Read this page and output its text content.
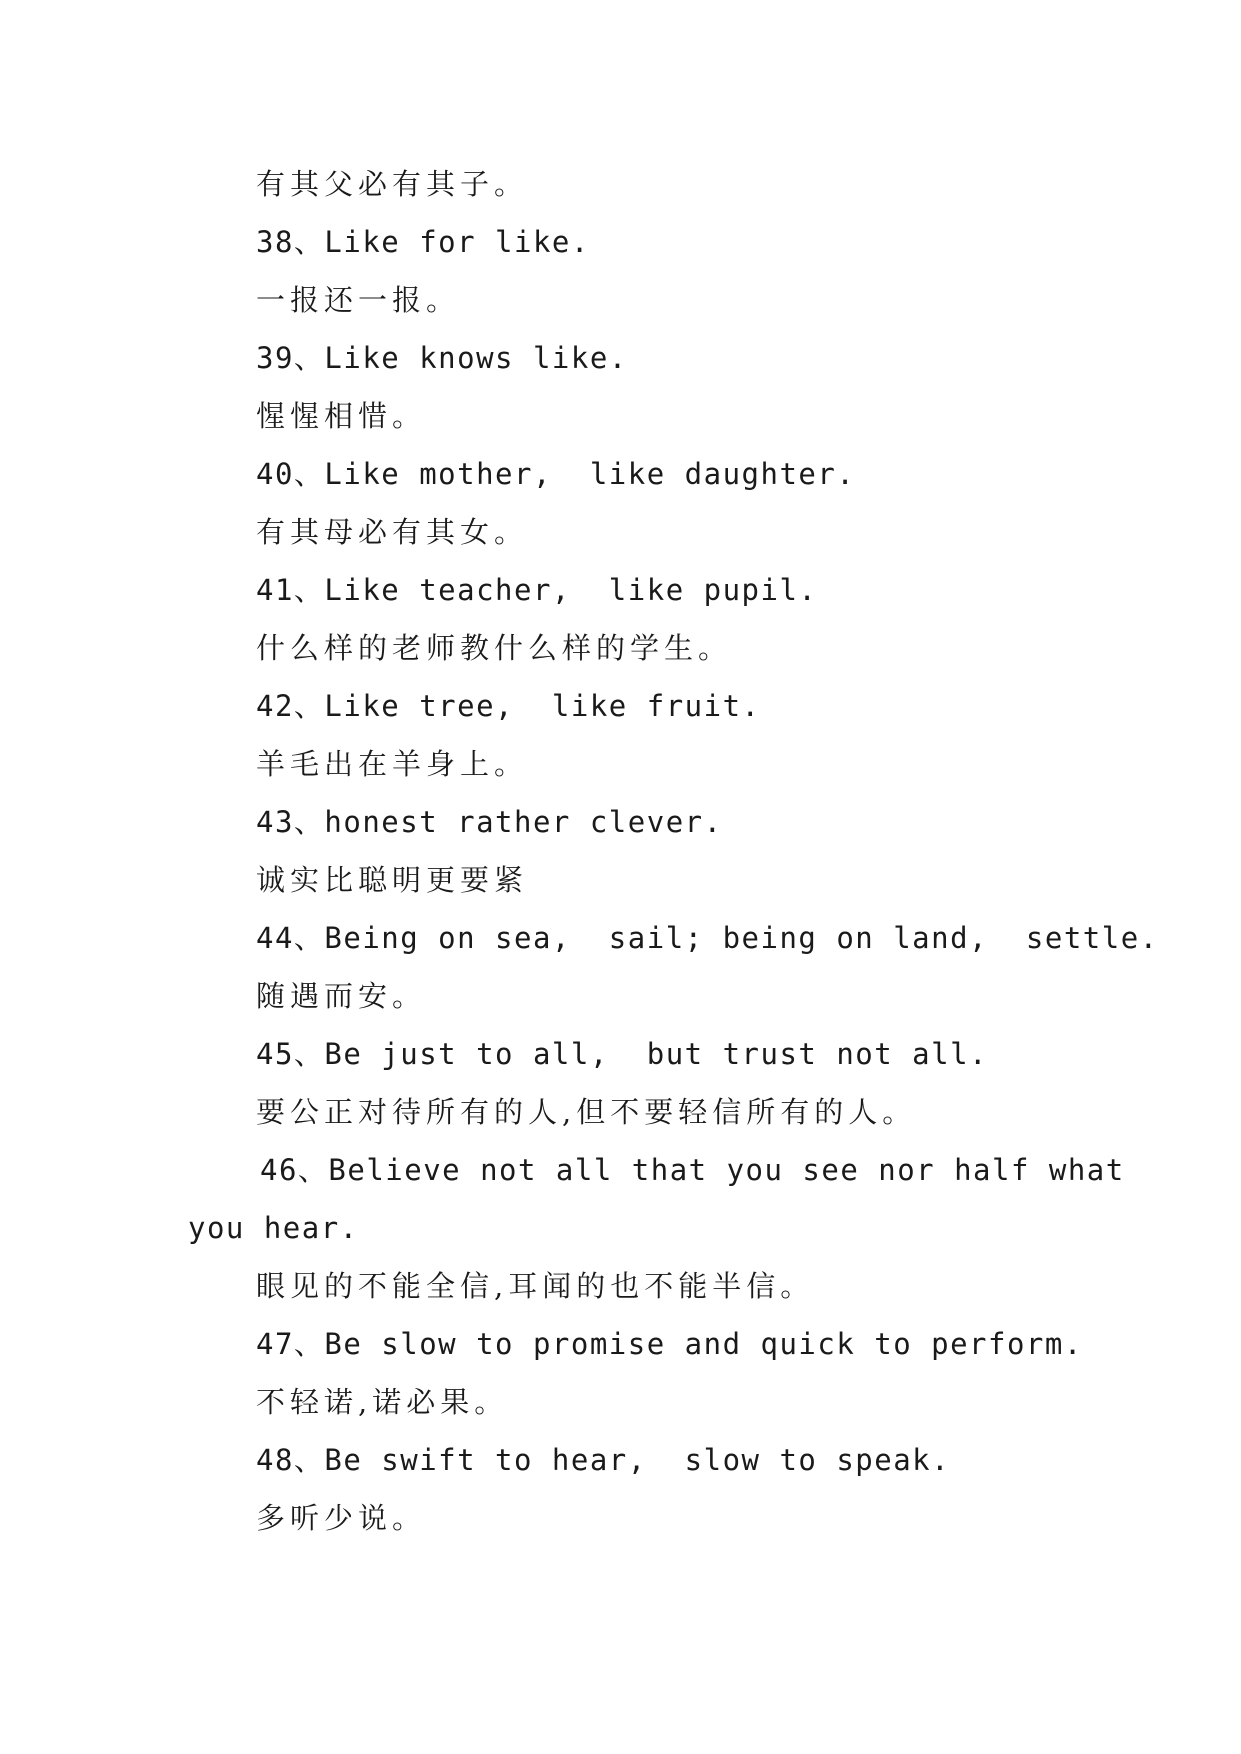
有其父必有其子。
38、Like for like.
一报还一报。
39、Like knows like.
惺惺相惜。
40、Like mother,  like daughter.
有其母必有其女。
41、Like teacher,  like pupil.
什么样的老师教什么样的学生。
42、Like tree,  like fruit.
羊毛出在羊身上。
43、honest rather clever.
诚实比聪明更要紧
44、Being on sea,  sail; being on land,  settle.
随遇而安。
45、Be just to all,  but trust not all.
要公正对待所有的人,但不要轻信所有的人。
46、Believe not all that you see nor half what
you hear.
眼见的不能全信,耳闻的也不能半信。
47、Be slow to promise and quick to perform.
不轻诺,诺必果。
48、Be swift to hear,  slow to speak.
多听少说。
